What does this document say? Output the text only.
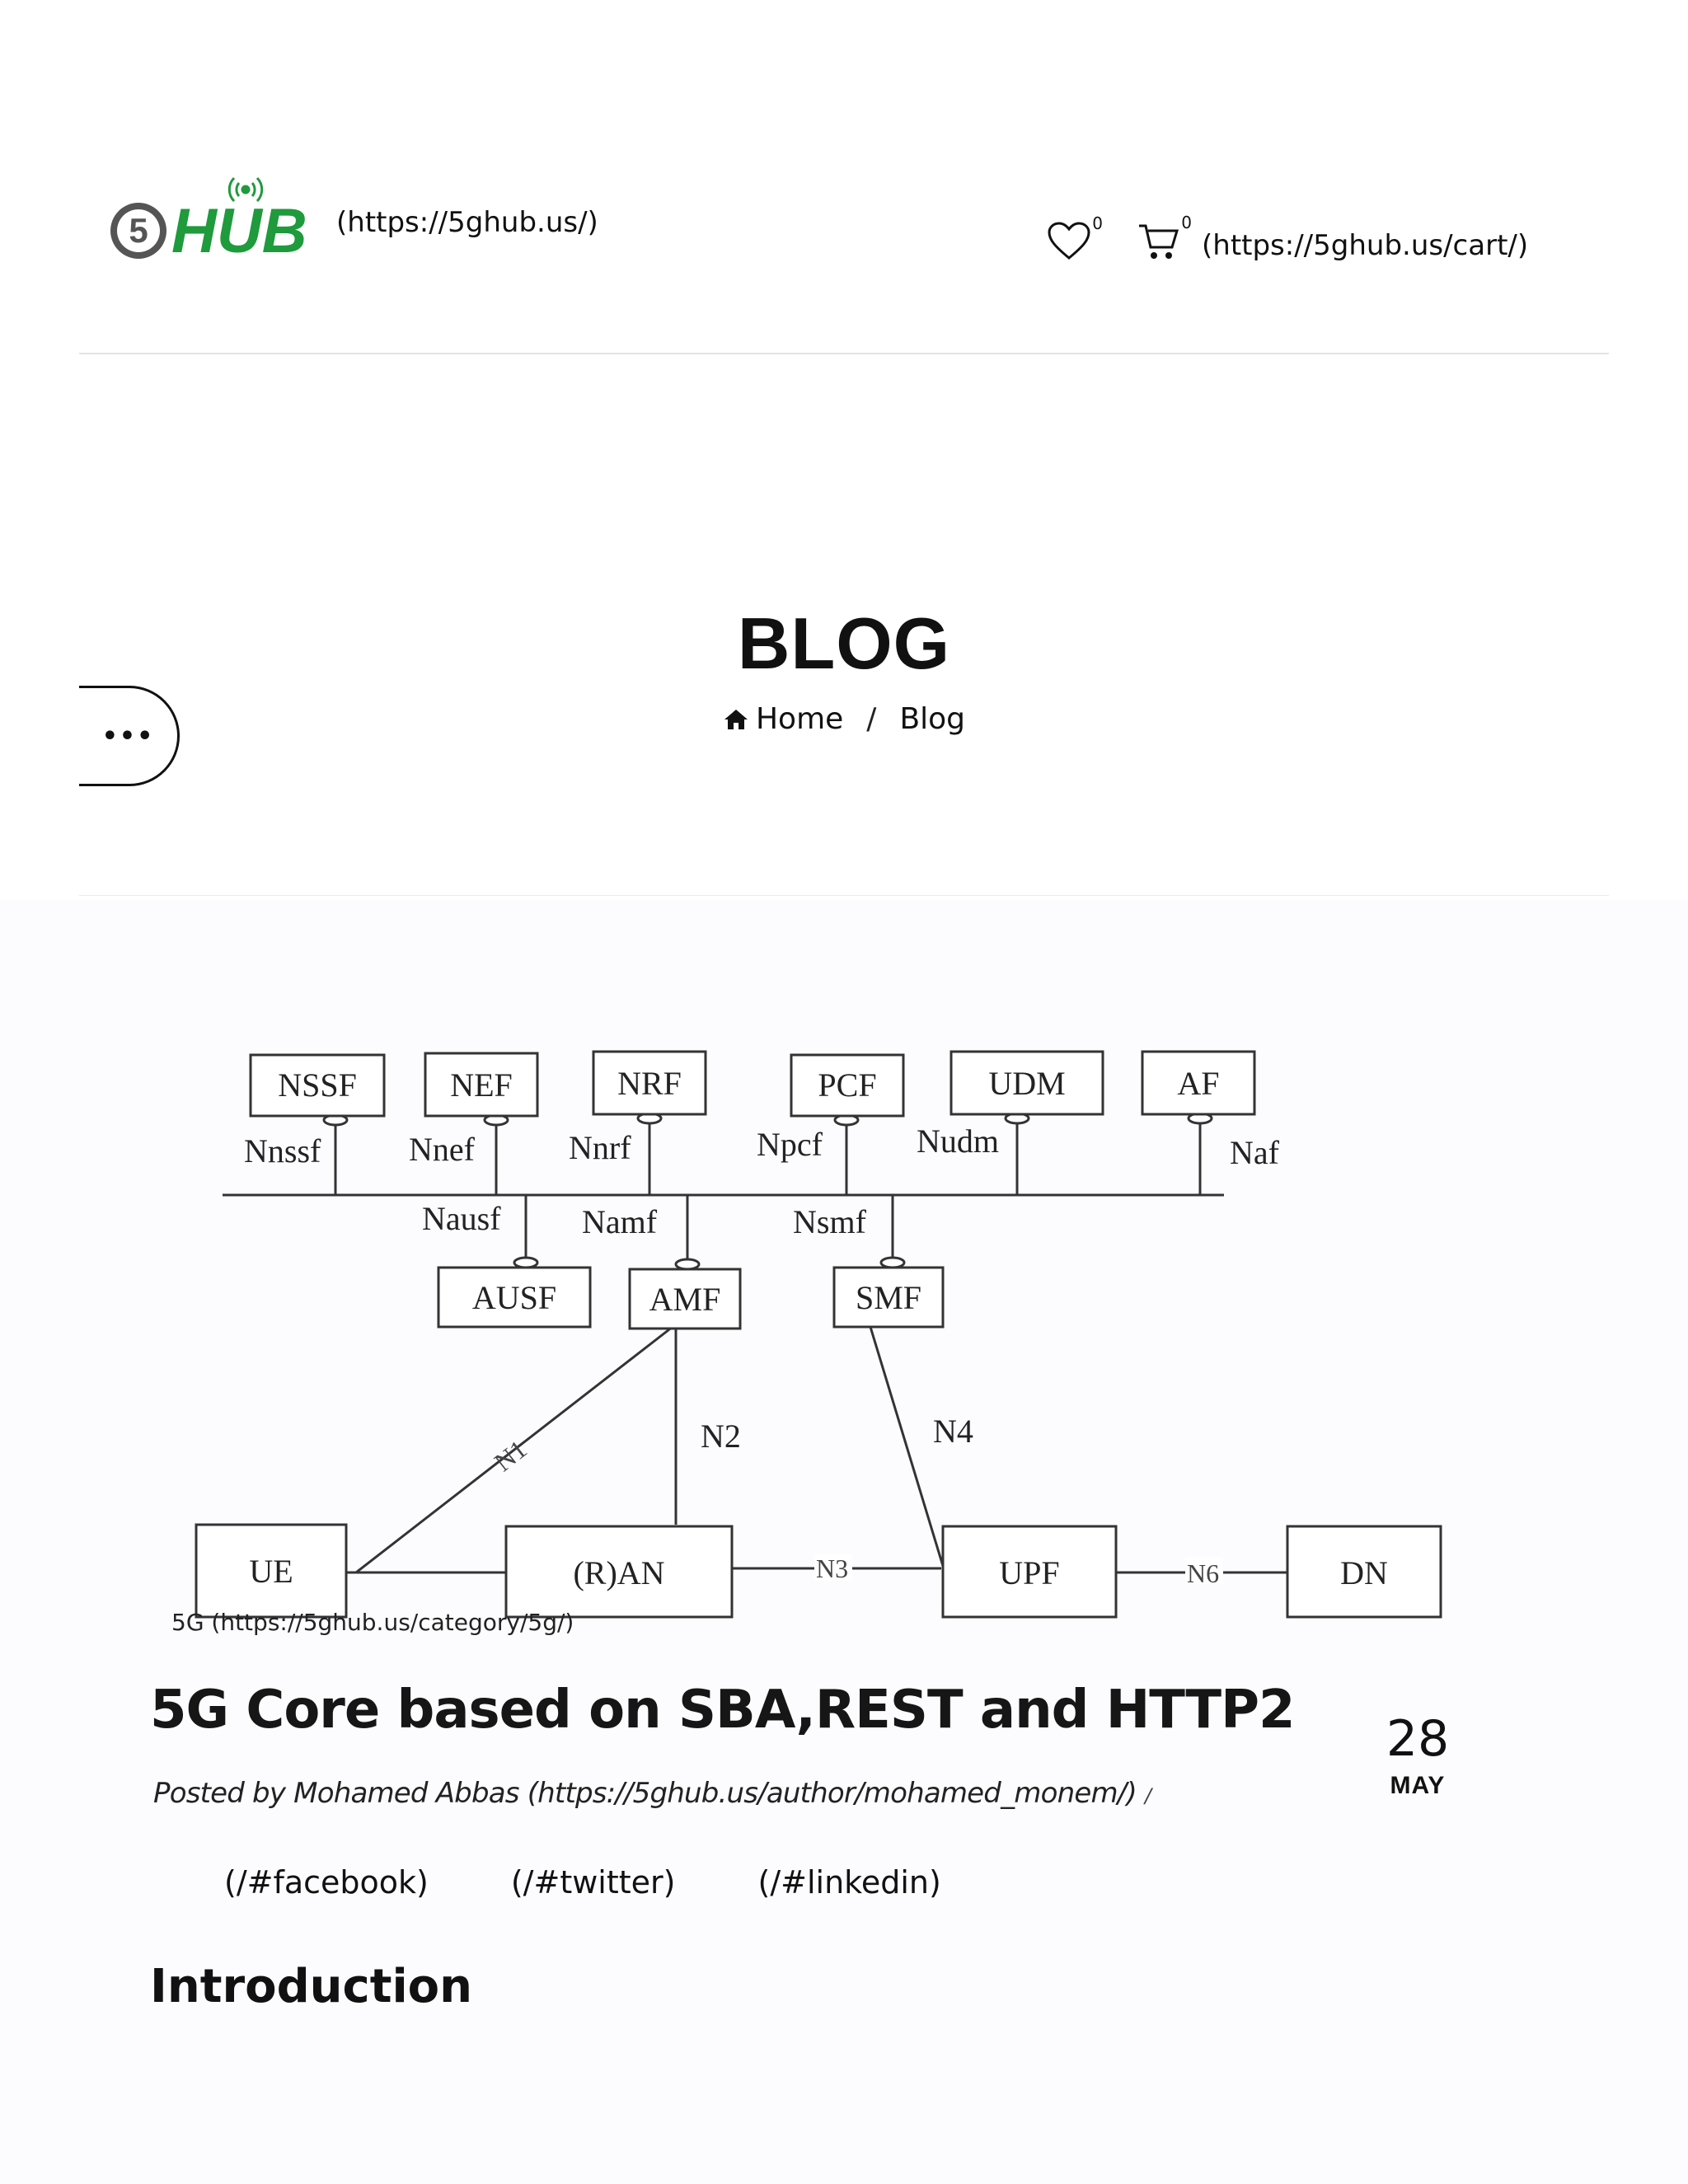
5 HUB (https://5ghub.us/)	0	0
(https://5ghub.us/cart/)
BLOG
Home / Blog
•••
NSSF	NEF	NRF	PCF	UDM	AF
AUSF	AMF	SMF
UE	(R)AN	UPF	DN
Nnssf	Nnef	Nnrf	Npcf	Nudm	Naf
Nausf Namf	Nsmf
N2	N4
N1
N3	N6
5G (https://5ghub.us/category/5g/)
5G Core based on SBA,REST and HTTP2
Posted by Mohamed Abbas (https://5ghub.us/author/mohamed_monem/) /
28
MAY
(/#facebook)	(/#twitter)	(/#linkedin)
Introduction
